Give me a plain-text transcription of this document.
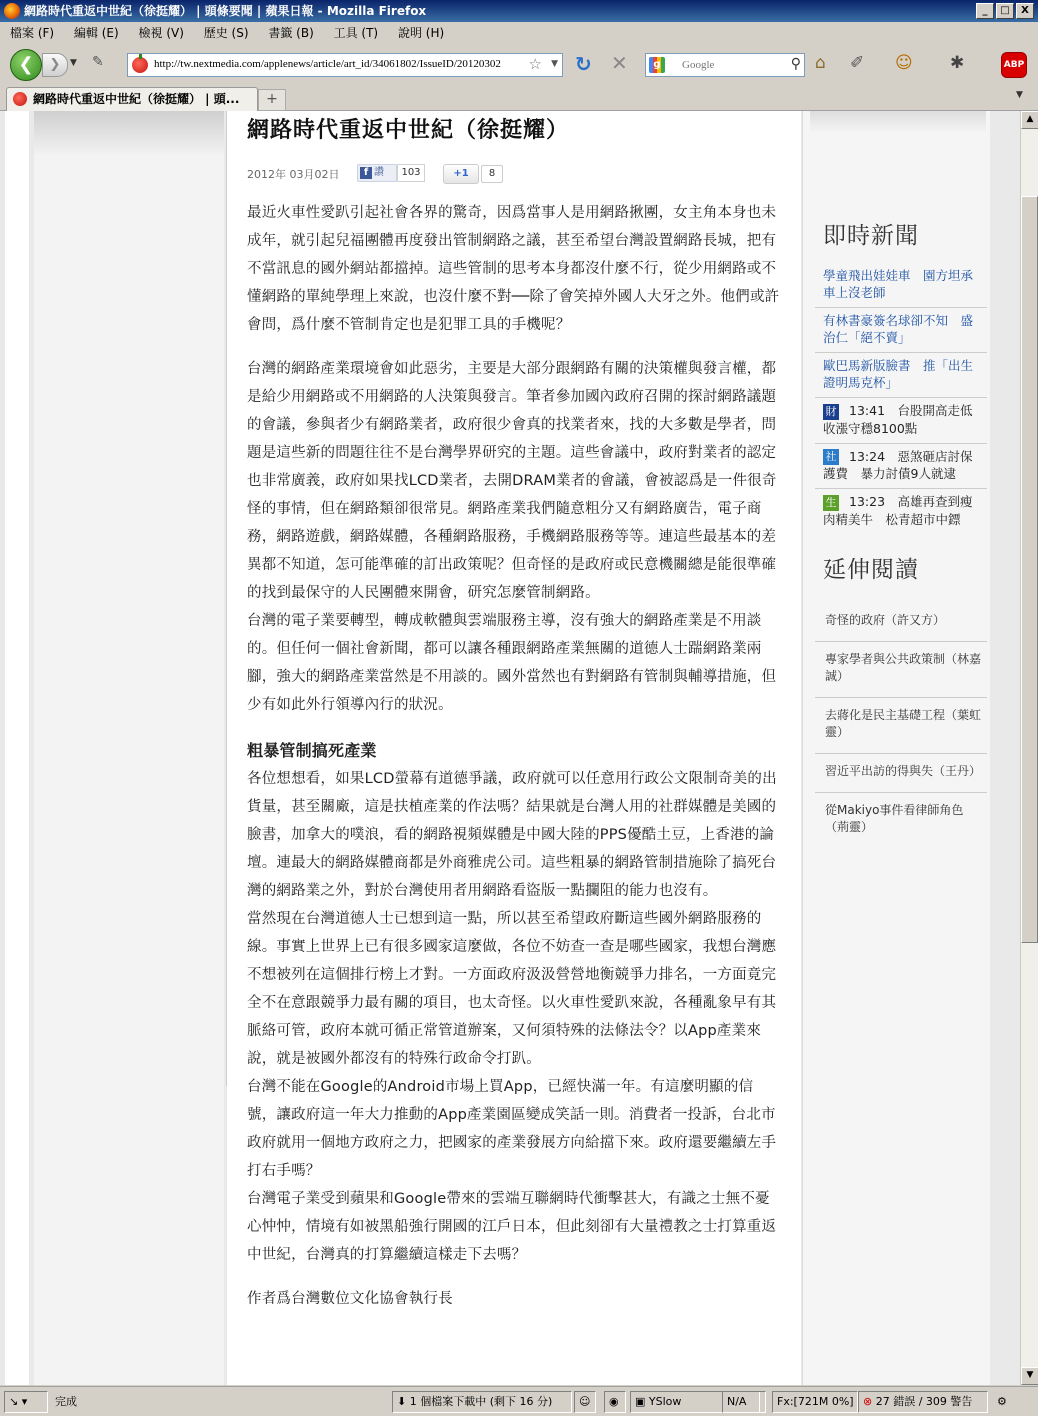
網路時代重返中世紀（徐挺耀） | 頭條要聞 | 蘋果日報 - Mozilla Firefox	_	□	X
檔案 (F) 編輯 (E) 檢視 (V) 歷史 (S) 書籤 (B) 工具 (T) 說明 (H)
❮	❯	▼ ✎	http://tw.nextmedia.com/applenews/article/art_id/34061802/IssueID/20120302	☆ ▼ ↻ ✕	g
Google	⚲ ⌂ ✐ ☺ ✱	ABP
網路時代重返中世紀（徐挺耀） | 頭...	+	▼
網路時代重返中世紀（徐挺耀）
2012年 03月02日	f 讚	103	+1	8

最近火車性愛趴引起社會各界的驚奇，因爲當事人是用網路揪團，女主角本身也未成年，就引起兒福團體再度發出管制網路之議，甚至希望台灣設置網路長城，把有不當訊息的國外網站都擋掉。這些管制的思考本身都沒什麼不行，從少用網路或不懂網路的單純學理上來說，也沒什麼不對──除了會笑掉外國人大牙之外。他們或許會問，爲什麼不管制肯定也是犯罪工具的手機呢？

台灣的網路產業環境會如此惡劣，主要是大部分跟網路有關的決策權與發言權，都是給少用網路或不用網路的人決策與發言。筆者參加國內政府召開的探討網路議題的會議，參與者少有網路業者，政府很少會真的找業者來，找的大多數是學者，問題是這些新的問題往往不是台灣學界研究的主題。這些會議中，政府對業者的認定也非常廣義，政府如果找LCD業者，去開DRAM業者的會議，會被認爲是一件很奇怪的事情，但在網路類卻很常見。網路產業我們隨意粗分又有網路廣告，電子商務，網路遊戲，網路媒體，各種網路服務，手機網路服務等等。連這些最基本的差異都不知道，怎可能準確的訂出政策呢？但奇怪的是政府或民意機關總是能很準確的找到最保守的人民團體來開會，研究怎麼管制網路。

台灣的電子業要轉型，轉成軟體與雲端服務主導，沒有強大的網路產業是不用談的。但任何一個社會新聞，都可以讓各種跟網路產業無關的道德人士踹網路業兩腳，強大的網路產業當然是不用談的。國外當然也有對網路有管制與輔導措施，但少有如此外行領導內行的狀況。

粗暴管制搞死產業

各位想想看，如果LCD螢幕有道德爭議，政府就可以任意用行政公文限制奇美的出貨量，甚至關廠，這是扶植產業的作法嗎？結果就是台灣人用的社群媒體是美國的臉書，加拿大的噗浪，看的網路視頻媒體是中國大陸的PPS優酷土豆，上香港的論壇。連最大的網路媒體商都是外商雅虎公司。這些粗暴的網路管制措施除了搞死台灣的網路業之外，對於台灣使用者用網路看盜版一點攔阻的能力也沒有。

當然現在台灣道德人士已想到這一點，所以甚至希望政府斷這些國外網路服務的線。事實上世界上已有很多國家這麼做，各位不妨查一查是哪些國家，我想台灣應不想被列在這個排行榜上才對。一方面政府汲汲營營地衡競爭力排名，一方面竟完全不在意跟競爭力最有關的項目，也太奇怪。以火車性愛趴來說，各種亂象早有其脈絡可管，政府本就可循正常管道辦案，又何須特殊的法條法令？以App產業來說，就是被國外都沒有的特殊行政命令打趴。

台灣不能在Google的Android市場上買App，已經快滿一年。有這麼明顯的信號，讓政府這一年大力推動的App產業園區變成笑話一則。消費者一投訴，台北市政府就用一個地方政府之力，把國家的產業發展方向給擋下來。政府還要繼續左手打右手嗎？

台灣電子業受到蘋果和Google帶來的雲端互聯網時代衝擊甚大，有識之士無不憂心忡忡，情境有如被黑船強行開國的江戶日本，但此刻卻有大量禮教之士打算重返中世紀，台灣真的打算繼續這樣走下去嗎？

作者爲台灣數位文化協會執行長

即時新聞
學童飛出娃娃車　園方坦承車上沒老師
有林書豪簽名球卻不知　盛治仁「絕不賣」
歐巴馬新版臉書　推「出生證明馬克杯」
財 13:41　 台股開高走低　收漲守穩8100點
社 13:24　 惡煞砸店討保護費　暴力討債9人就逮
生 13:23　 高雄再查到瘦肉精美牛　松青超市中鏢
延伸閱讀
奇怪的政府（許又方）
專家學者與公共政策制（林嘉誠）
去蔣化是民主基礎工程（葉虹靈）
習近平出訪的得與失（王丹）
從Makiyo事件看律師角色（荊靈）
▲
▼
↘ ▾	完成	⬇ 1 個檔案下載中 (剩下 16 分)	☺	◉	▣ YSlow	N/A	Fx:[721M 0%] ⊗ 27 錯誤 / 309 警告	⚙
